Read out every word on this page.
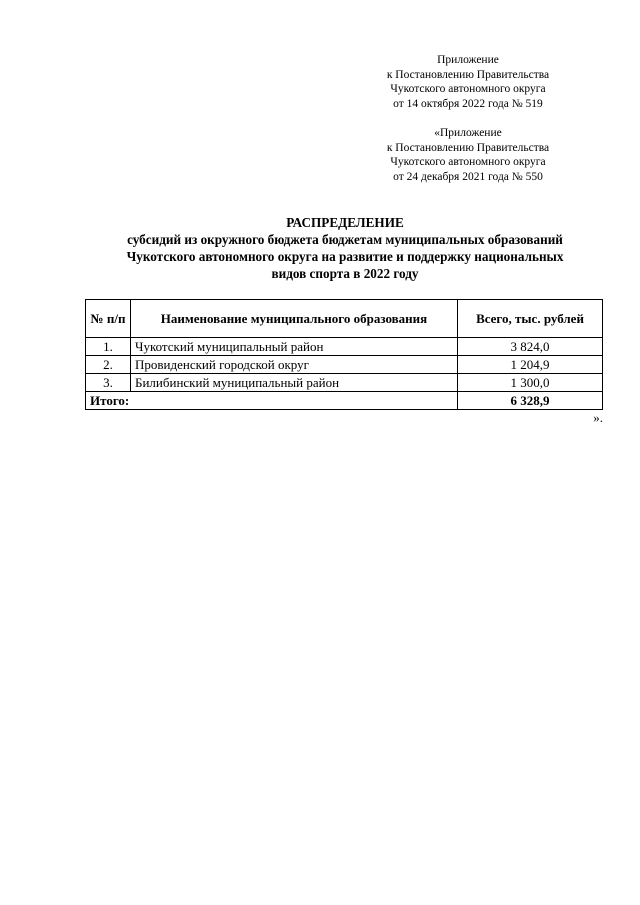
Приложение
к Постановлению Правительства
Чукотского автономного округа
от 14 октября 2022 года № 519
«Приложение
к Постановлению Правительства
Чукотского автономного округа
от 24 декабря 2021 года № 550
РАСПРЕДЕЛЕНИЕ
субсидий из окружного бюджета бюджетам муниципальных образований
Чукотского автономного округа на развитие и поддержку национальных
видов спорта в 2022 году
№ п/п	Наименование муниципального образования	Всего, тыс. рублей
1.	Чукотский муниципальный район	3 824,0
2.	Провиденский городской округ	1 204,9
3.	Билибинский муниципальный район	1 300,0
Итого:		6 328,9
».
